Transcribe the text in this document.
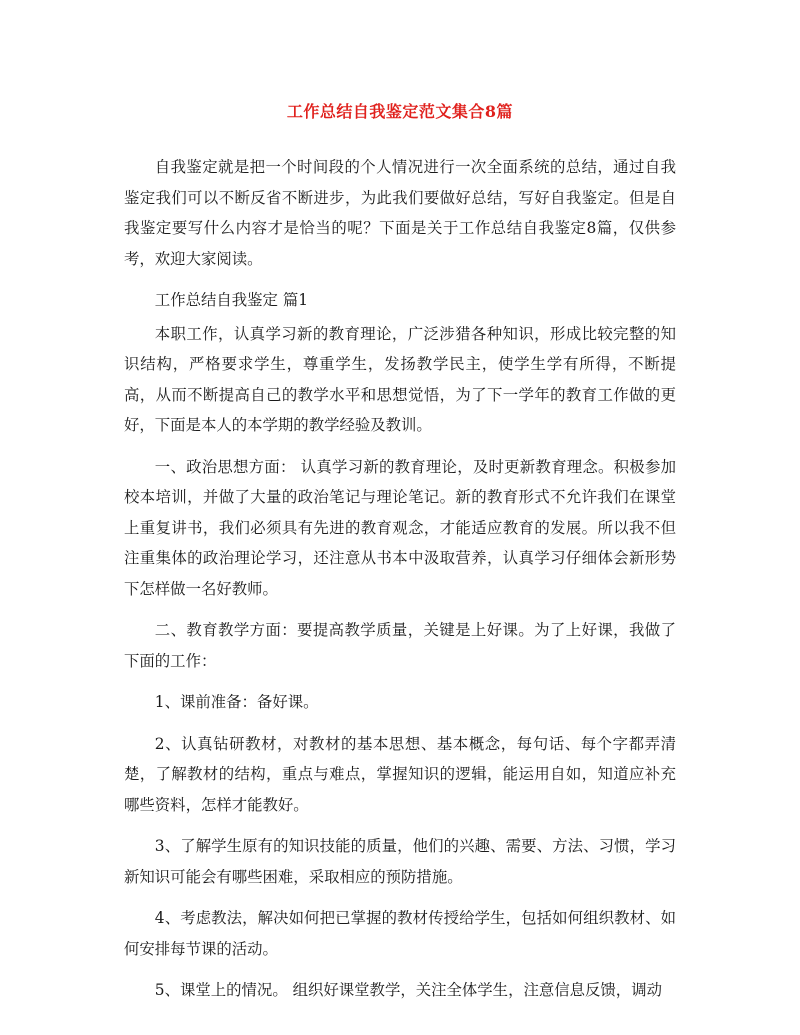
工作总结自我鉴定范文集合8篇

自我鉴定就是把一个时间段的个人情况进行一次全面系统的总结，通过自我鉴定我们可以不断反省不断进步，为此我们要做好总结，写好自我鉴定。但是自我鉴定要写什么内容才是恰当的呢？下面是关于工作总结自我鉴定8篇，仅供参考，欢迎大家阅读。

工作总结自我鉴定 篇1

本职工作，认真学习新的教育理论，广泛涉猎各种知识，形成比较完整的知识结构，严格要求学生，尊重学生，发扬教学民主，使学生学有所得，不断提高，从而不断提高自己的教学水平和思想觉悟，为了下一学年的教育工作做的更好，下面是本人的本学期的教学经验及教训。

一、政治思想方面： 认真学习新的教育理论，及时更新教育理念。积极参加校本培训，并做了大量的政治笔记与理论笔记。新的教育形式不允许我们在课堂上重复讲书，我们必须具有先进的教育观念，才能适应教育的发展。所以我不但注重集体的政治理论学习，还注意从书本中汲取营养，认真学习仔细体会新形势下怎样做一名好教师。

二、教育教学方面：要提高教学质量，关键是上好课。为了上好课，我做了下面的工作：

1、课前准备：备好课。

2、认真钻研教材，对教材的基本思想、基本概念，每句话、每个字都弄清楚，了解教材的结构，重点与难点，掌握知识的逻辑，能运用自如，知道应补充哪些资料，怎样才能教好。

3、了解学生原有的知识技能的质量，他们的兴趣、需要、方法、习惯，学习新知识可能会有哪些困难，采取相应的预防措施。

4、考虑教法，解决如何把已掌握的教材传授给学生，包括如何组织教材、如何安排每节课的活动。

5、课堂上的情况。 组织好课堂教学，关注全体学生，注意信息反馈，调动
